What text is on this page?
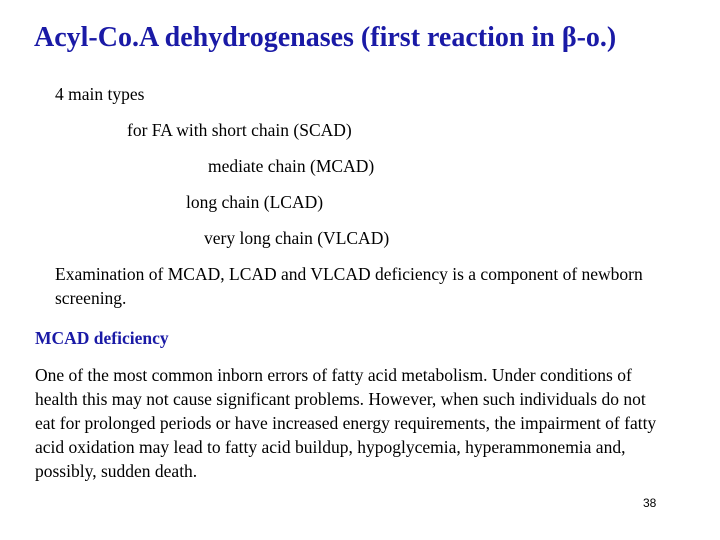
Acyl-Co.A dehydrogenases (first reaction in β-o.)
4 main types
for FA with short chain (SCAD)
mediate chain (MCAD)
long chain (LCAD)
very long chain (VLCAD)
Examination of MCAD, LCAD and VLCAD deficiency is a component of newborn screening.
MCAD deficiency
One of the most common inborn errors of fatty acid metabolism. Under conditions of health this may not cause significant problems. However, when such individuals do not eat for prolonged periods or have increased energy requirements, the impairment of fatty acid oxidation may lead to fatty acid buildup, hypoglycemia, hyperammonemia and, possibly, sudden death.
38
